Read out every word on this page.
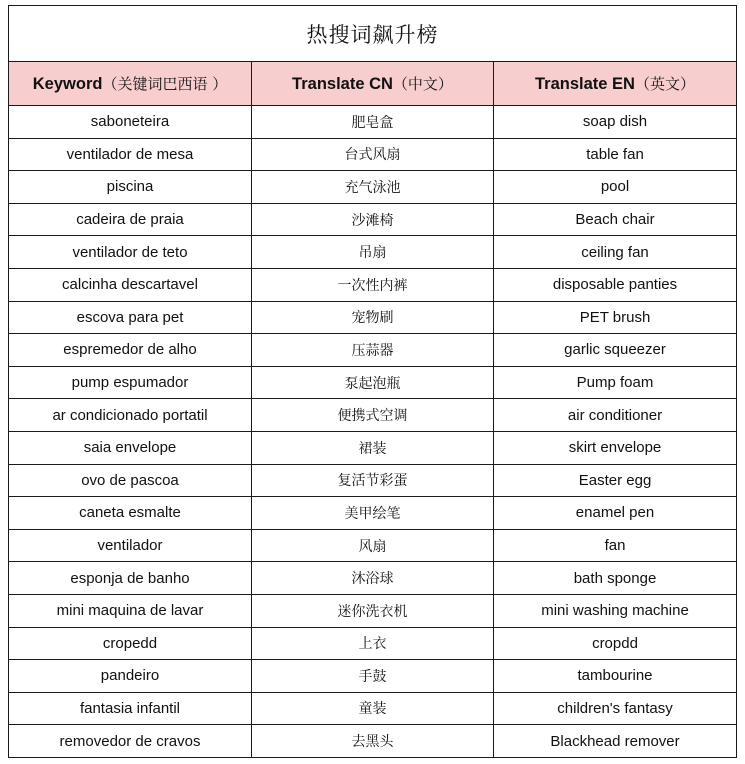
热搜词飙升榜		
Keyword（关键词巴西语 ）	Translate CN（中文）	Translate EN（英文）
saboneteira	肥皂盒	soap dish
ventilador de mesa	台式风扇	table fan
piscina	充气泳池	pool
cadeira de praia	沙滩椅	Beach chair
ventilador de teto	吊扇	ceiling fan
calcinha descartavel	一次性内裤	disposable panties
escova para pet	宠物刷	PET brush
espremedor de alho	压蒜器	garlic squeezer
pump espumador	泵起泡瓶	Pump foam
ar condicionado portatil	便携式空调	air conditioner
saia envelope	裙装	skirt envelope
ovo de pascoa	复活节彩蛋	Easter egg
caneta esmalte	美甲绘笔	enamel pen
ventilador	风扇	fan
esponja de banho	沐浴球	bath sponge
mini maquina de lavar	迷你洗衣机	mini washing machine
cropedd	上衣	cropdd
pandeiro	手鼓	tambourine
fantasia infantil	童装	children's fantasy
removedor de cravos	去黑头	Blackhead remover
